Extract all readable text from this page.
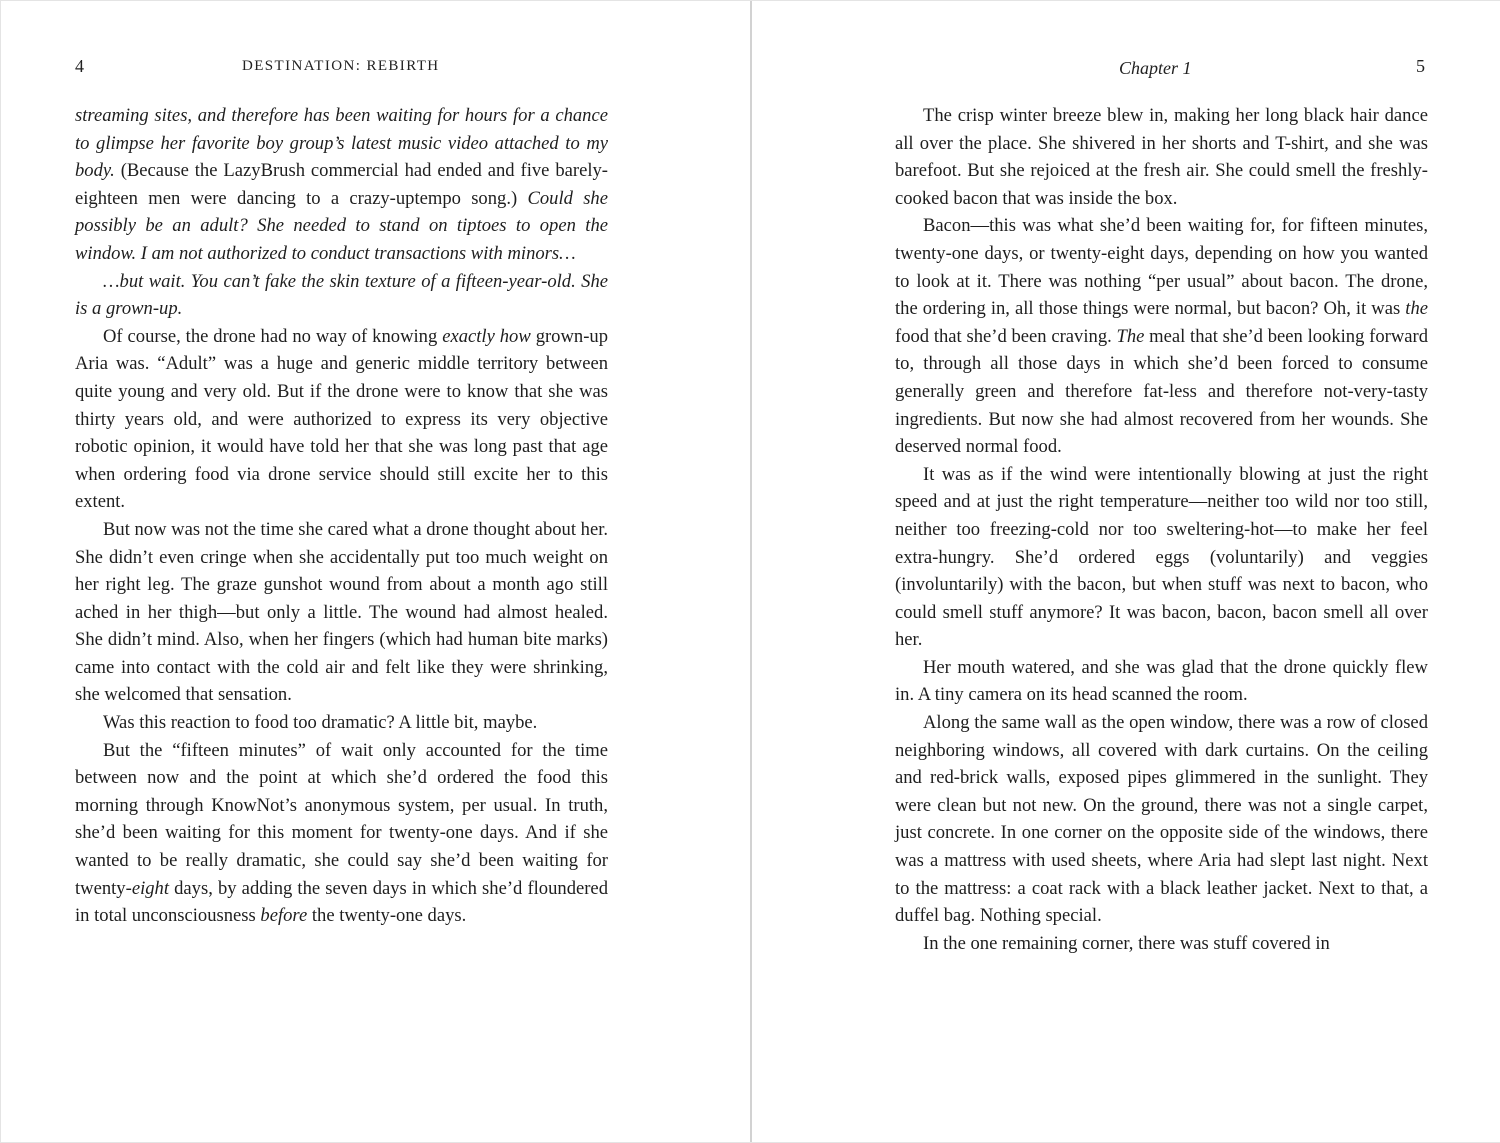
4	DESTINATION: REBIRTH

streaming sites, and therefore has been waiting for hours for a chance to glimpse her favorite boy group’s latest music video attached to my body. (Because the LazyBrush commercial had ended and five barely-eighteen men were dancing to a crazy-uptempo song.) Could she possibly be an adult? She needed to stand on tiptoes to open the window. I am not authorized to conduct transactions with minors…

…but wait. You can’t fake the skin texture of a fifteen-year-old. She is a grown-up.

Of course, the drone had no way of knowing exactly how grown-up Aria was. “Adult” was a huge and generic middle territory between quite young and very old. But if the drone were to know that she was thirty years old, and were authorized to express its very objective robotic opinion, it would have told her that she was long past that age when ordering food via drone service should still excite her to this extent.

But now was not the time she cared what a drone thought about her. She didn’t even cringe when she accidentally put too much weight on her right leg. The graze gunshot wound from about a month ago still ached in her thigh—but only a little. The wound had almost healed. She didn’t mind. Also, when her fingers (which had human bite marks) came into contact with the cold air and felt like they were shrinking, she welcomed that sensation.

Was this reaction to food too dramatic? A little bit, maybe.

But the “fifteen minutes” of wait only accounted for the time between now and the point at which she’d ordered the food this morning through KnowNot’s anonymous system, per usual. In truth, she’d been waiting for this moment for twenty-one days. And if she wanted to be really dramatic, she could say she’d been waiting for twenty-eight days, by adding the seven days in which she’d floundered in total unconsciousness before the twenty-one days.

Chapter 1	5

The crisp winter breeze blew in, making her long black hair dance all over the place. She shivered in her shorts and T-shirt, and she was barefoot. But she rejoiced at the fresh air. She could smell the freshly-cooked bacon that was inside the box.

Bacon—this was what she’d been waiting for, for fifteen minutes, twenty-one days, or twenty-eight days, depending on how you wanted to look at it. There was nothing “per usual” about bacon. The drone, the ordering in, all those things were normal, but bacon? Oh, it was the food that she’d been craving. The meal that she’d been looking forward to, through all those days in which she’d been forced to consume generally green and therefore fat-less and therefore not-very-tasty ingredients. But now she had almost recovered from her wounds. She deserved normal food.

It was as if the wind were intentionally blowing at just the right speed and at just the right temperature—neither too wild nor too still, neither too freezing-cold nor too sweltering-hot—to make her feel extra-hungry. She’d ordered eggs (voluntarily) and veggies (involuntarily) with the bacon, but when stuff was next to bacon, who could smell stuff anymore? It was bacon, bacon, bacon smell all over her.

Her mouth watered, and she was glad that the drone quickly flew in. A tiny camera on its head scanned the room.

Along the same wall as the open window, there was a row of closed neighboring windows, all covered with dark curtains. On the ceiling and red-brick walls, exposed pipes glimmered in the sunlight. They were clean but not new. On the ground, there was not a single carpet, just concrete. In one corner on the opposite side of the windows, there was a mattress with used sheets, where Aria had slept last night. Next to the mattress: a coat rack with a black leather jacket. Next to that, a duffel bag. Nothing special.

In the one remaining corner, there was stuff covered in
